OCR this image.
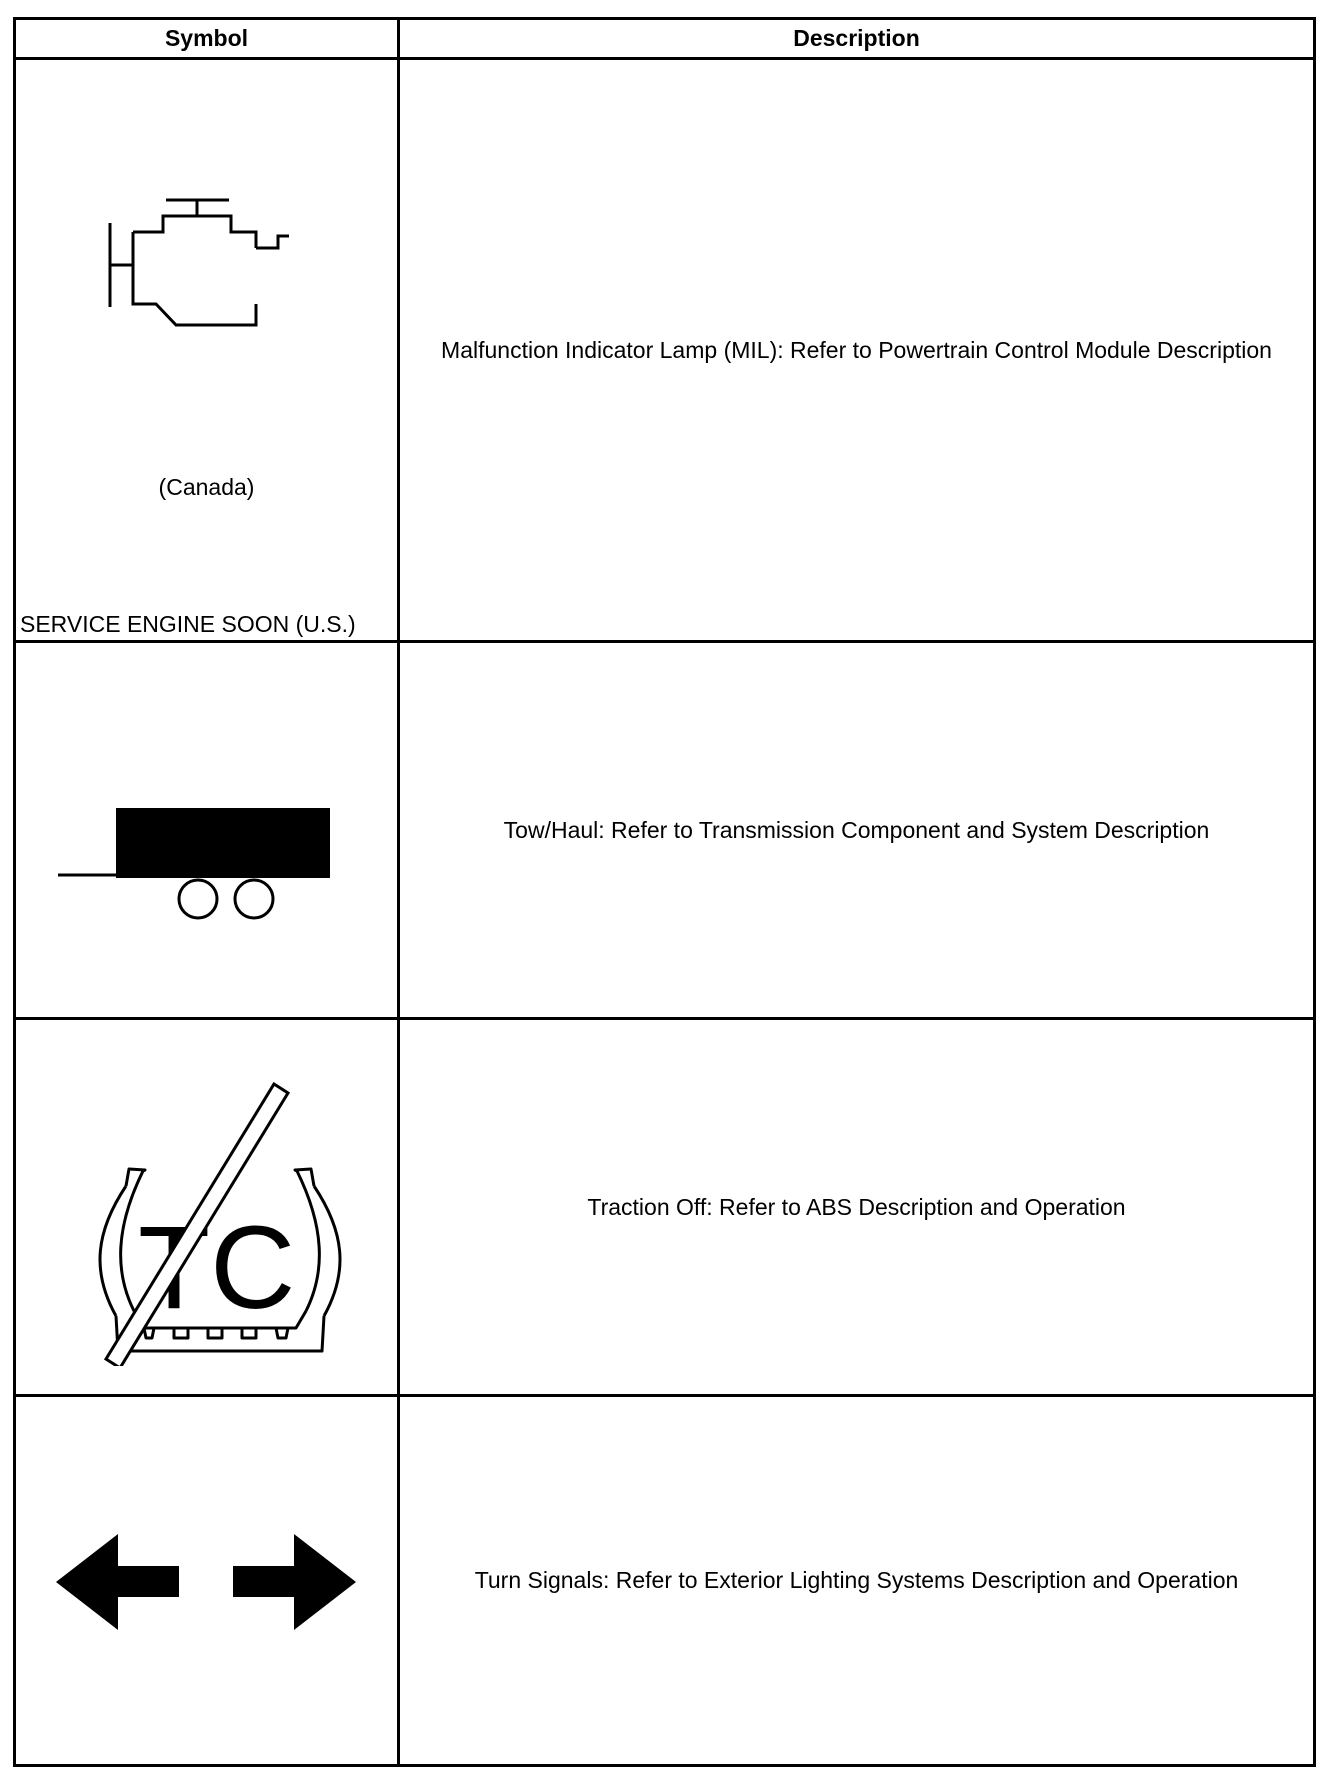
Symbol	Description
(Canada)
SERVICE ENGINE SOON (U.S.)
Malfunction Indicator Lamp (MIL): Refer to Powertrain Control Module Description
Tow/Haul: Refer to Transmission Component and System Description
TC	Traction Off: Refer to ABS Description and Operation
Turn Signals: Refer to Exterior Lighting Systems Description and Operation
